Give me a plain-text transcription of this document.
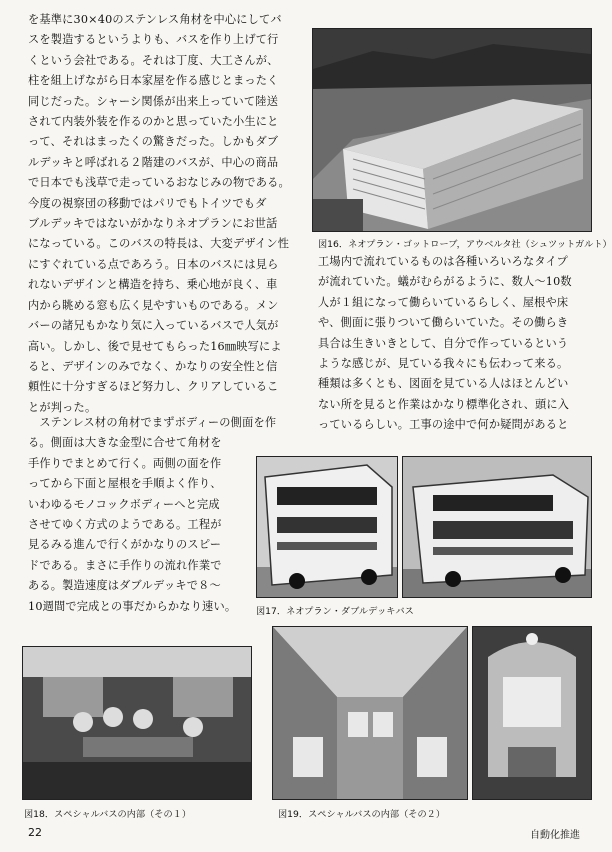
を基準に30×40のステンレス角材を中心にしてバ
スを製造するというよりも、バスを作り上げて行
くという会社である。それは丁度、大工さんが、
柱を組上げながら日本家屋を作る感じとまったく
同じだった。シャーシ関係が出来上っていて陸送
されて内装外装を作るのかと思っていた小生にと
って、それはまったくの驚きだった。しかもダブ
ルデッキと呼ばれる２階建のバスが、中心の商品
で日本でも浅草で走っているおなじみの物である。
今度の視察団の移動ではパリでもトイツでもダ
ブルデッキではないがかなりネオプランにお世話
になっている。このバスの特長は、大変デザイン性
にすぐれている点であろう。日本のバスには見ら
れないデザインと構造を持ち、乗心地が良く、車
内から眺める窓も広く見やすいものである。メン
バーの諸兄もかなり気に入っているバスで人気が
高い。しかし、後で見せてもらった16㎜映写によ
ると、デザインのみでなく、かなりの安全性と信
頼性に十分すぎるほど努力し、クリアしているこ
とが判った。
　ステンレス材の角材でまずボディーの側面を作
る。側面は大きな金型に合せて角材を
手作りでまとめて行く。両側の面を作
ってから下面と屋根を手順よく作り、
いわゆるモノコックボディーへと完成
させてゆく方式のようである。工程が
見るみる進んで行くがかなりのスピー
ドである。まさに手作りの流れ作業で
ある。製造速度はダブルデッキで８～
10週間で完成との事だからかなり速い。
工場内で流れているものは各種いろいろなタイプ
が流れていた。蟻がむらがるように、数人～10数
人が１組になって働らいているらしく、屋根や床
や、側面に張りついて働らいていた。その働らき
具合は生きいきとして、自分で作っているという
ような感じが、見ている我々にも伝わって来る。
種類は多くとも、図面を見ている人はほとんどい
ない所を見ると作業はかなり標準化され、頭に入
っているらしい。工事の途中で何か疑問があると
図16．ネオプラン・ゴットローブ，アウベルタ社（シュツットガルト）
図17．ネオプラン・ダブルデッキバス
図18．スペシャルバスの内部（その１）	図19．スペシャルバスの内部（その２）
22	自動化推進
